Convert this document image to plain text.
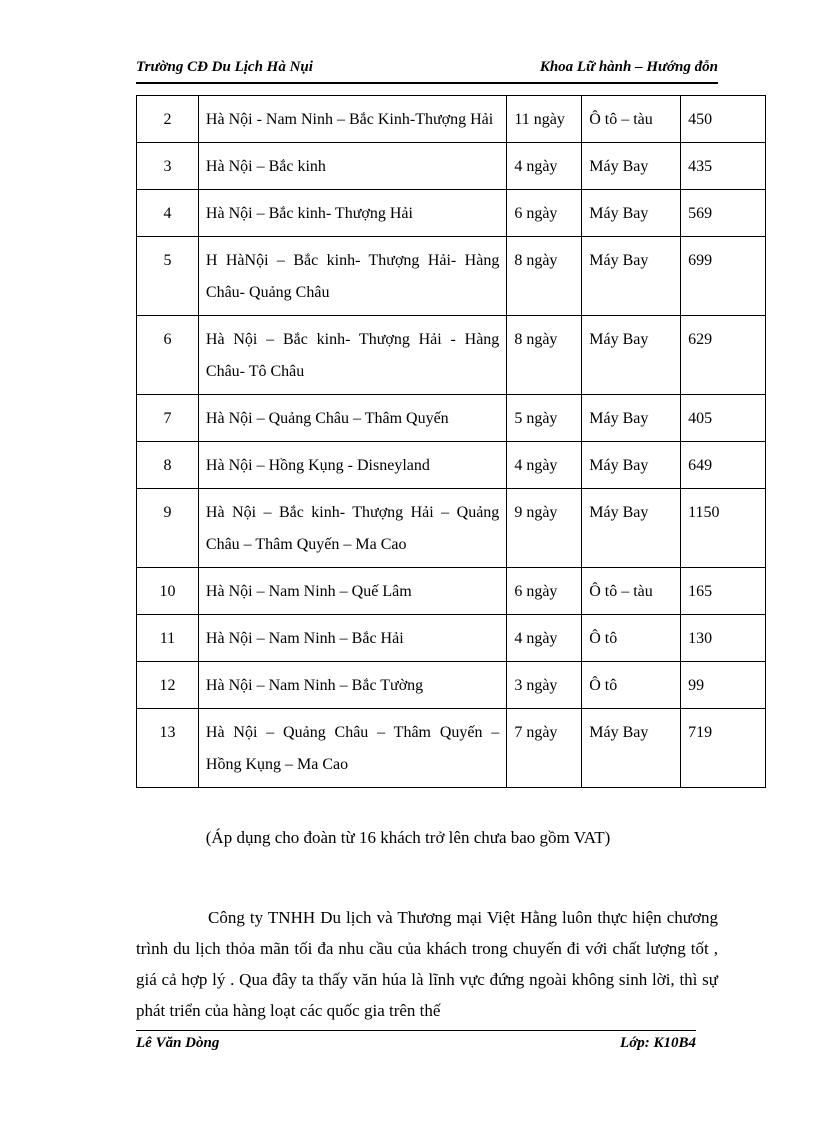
Trường CĐ Du Lịch Hà Nụi	Khoa Lữ hành – Hướng đỗn
2	Hà Nội - Nam Ninh – Bắc Kinh-Thượng Hải	11 ngày	Ô tô – tàu	450
3	Hà Nội – Bắc kinh	4 ngày	Máy Bay	435
4	Hà Nội – Bắc kinh- Thượng Hải	6 ngày	Máy Bay	569
5	H HàNội – Bắc kinh- Thượng Hải- Hàng Châu- Quảng Châu	8 ngày	Máy Bay	699
6	Hà Nội – Bắc kinh- Thượng Hải - Hàng Châu- Tô Châu	8 ngày	Máy Bay	629
7	Hà Nội – Quảng Châu – Thâm Quyến	5 ngày	Máy Bay	405
8	Hà Nội – Hồng Kụng - Disneyland	4 ngày	Máy Bay	649
9	Hà Nội – Bắc kinh- Thượng Hải – Quảng Châu – Thâm Quyến – Ma Cao	9 ngày	Máy Bay	1150
10	Hà Nội – Nam Ninh – Quế Lâm	6 ngày	Ô tô – tàu	165
11	Hà Nội – Nam Ninh – Bắc Hải	4 ngày	Ô tô	130
12	Hà Nội – Nam Ninh – Bắc Tường	3 ngày	Ô tô	99
13	Hà Nội – Quảng Châu – Thâm Quyến – Hồng Kụng – Ma Cao	7 ngày	Máy Bay	719
(Áp dụng cho đoàn từ 16 khách trở lên chưa bao gồm VAT)

Công ty TNHH Du lịch và Thương mại Việt Hằng luôn thực hiện chương trình du lịch thỏa mãn tối đa nhu cầu của khách trong chuyến đi với chất lượng tốt , giá cả hợp lý . Qua đây ta thấy văn húa là lĩnh vực đứng ngoài không sinh lời, thì sự phát triển của hàng loạt các quốc gia trên thế

Lê Văn Dòng	Lớp: K10B4
